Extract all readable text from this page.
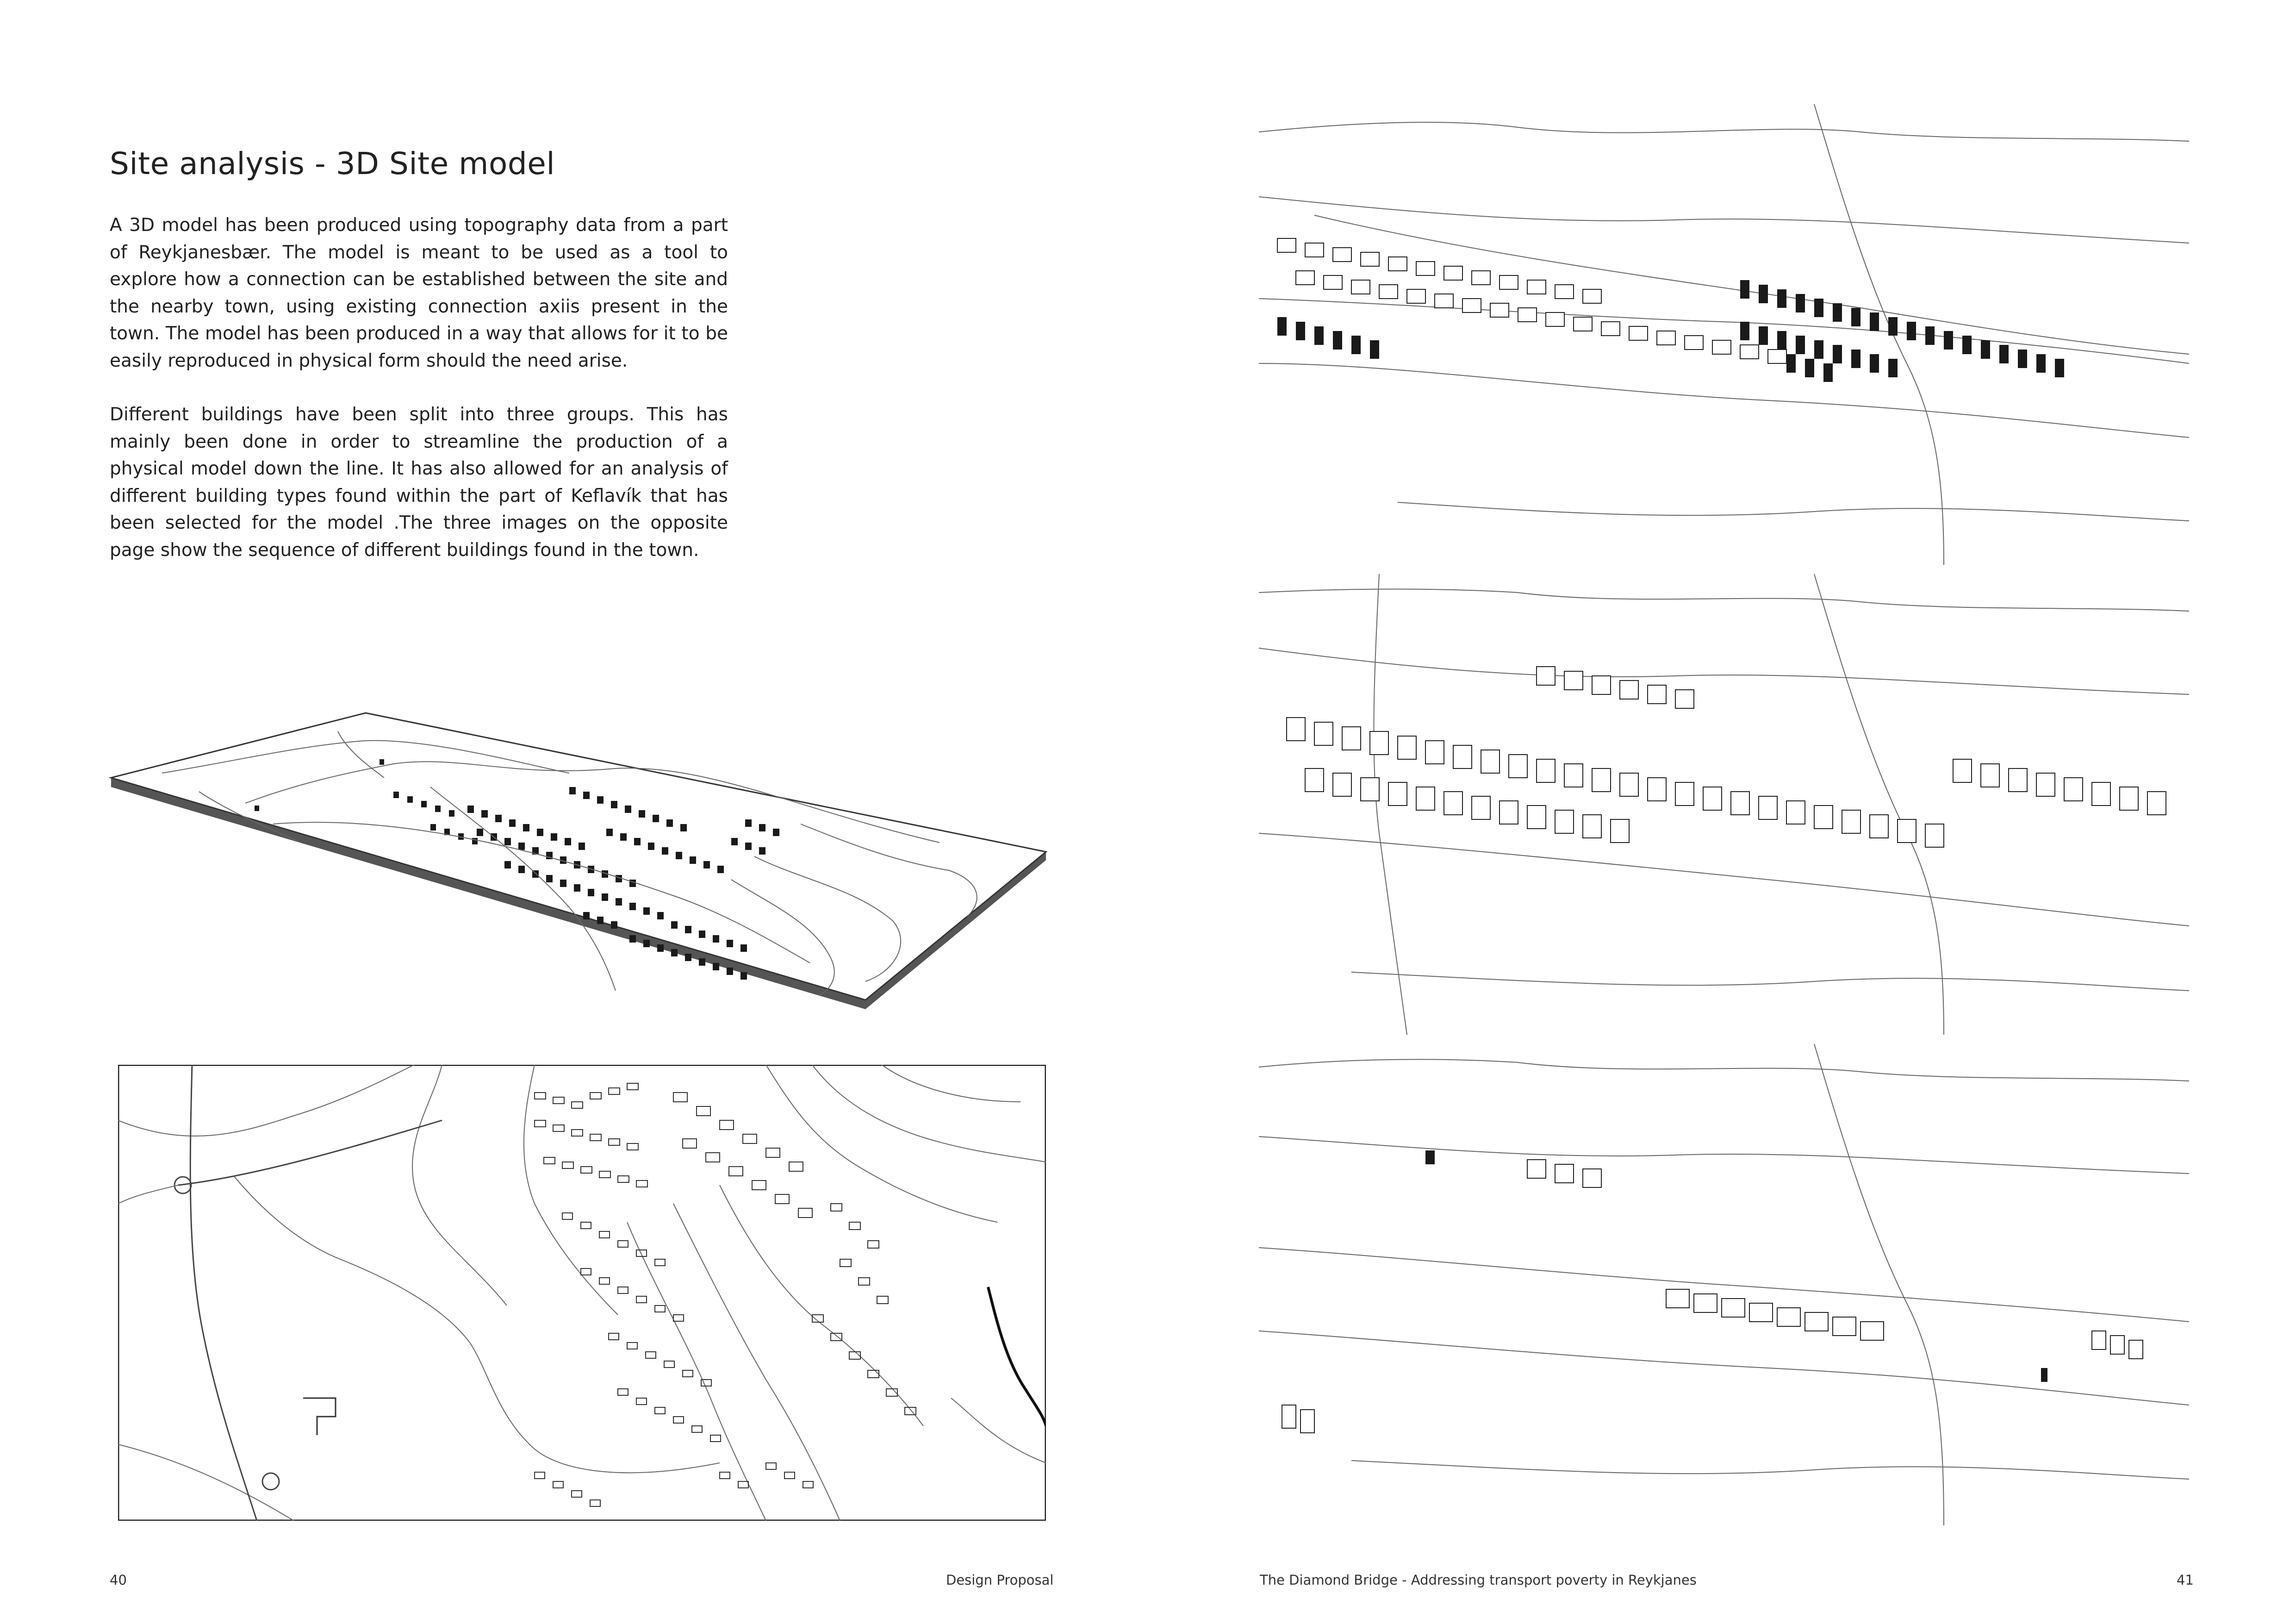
Site analysis - 3D Site model

A 3D model has been produced using topography data from a part of Reykjanesbær. The model is meant to be used as a tool to explore how a connection can be established between the site and the nearby town, using existing connection axiis present in the town. The model has been produced in a way that allows for it to be easily reproduced in physical form should the need arise.

Different buildings have been split into three groups. This has mainly been done in order to streamline the production of a physical model down the line. It has also allowed for an analysis of different building types found within the part of Keflavík that has been selected for the model .The three images on the opposite page show the sequence of different buildings found in the town.

40	Design Proposal	The Diamond Bridge - Addressing transport poverty in Reykjanes	41
